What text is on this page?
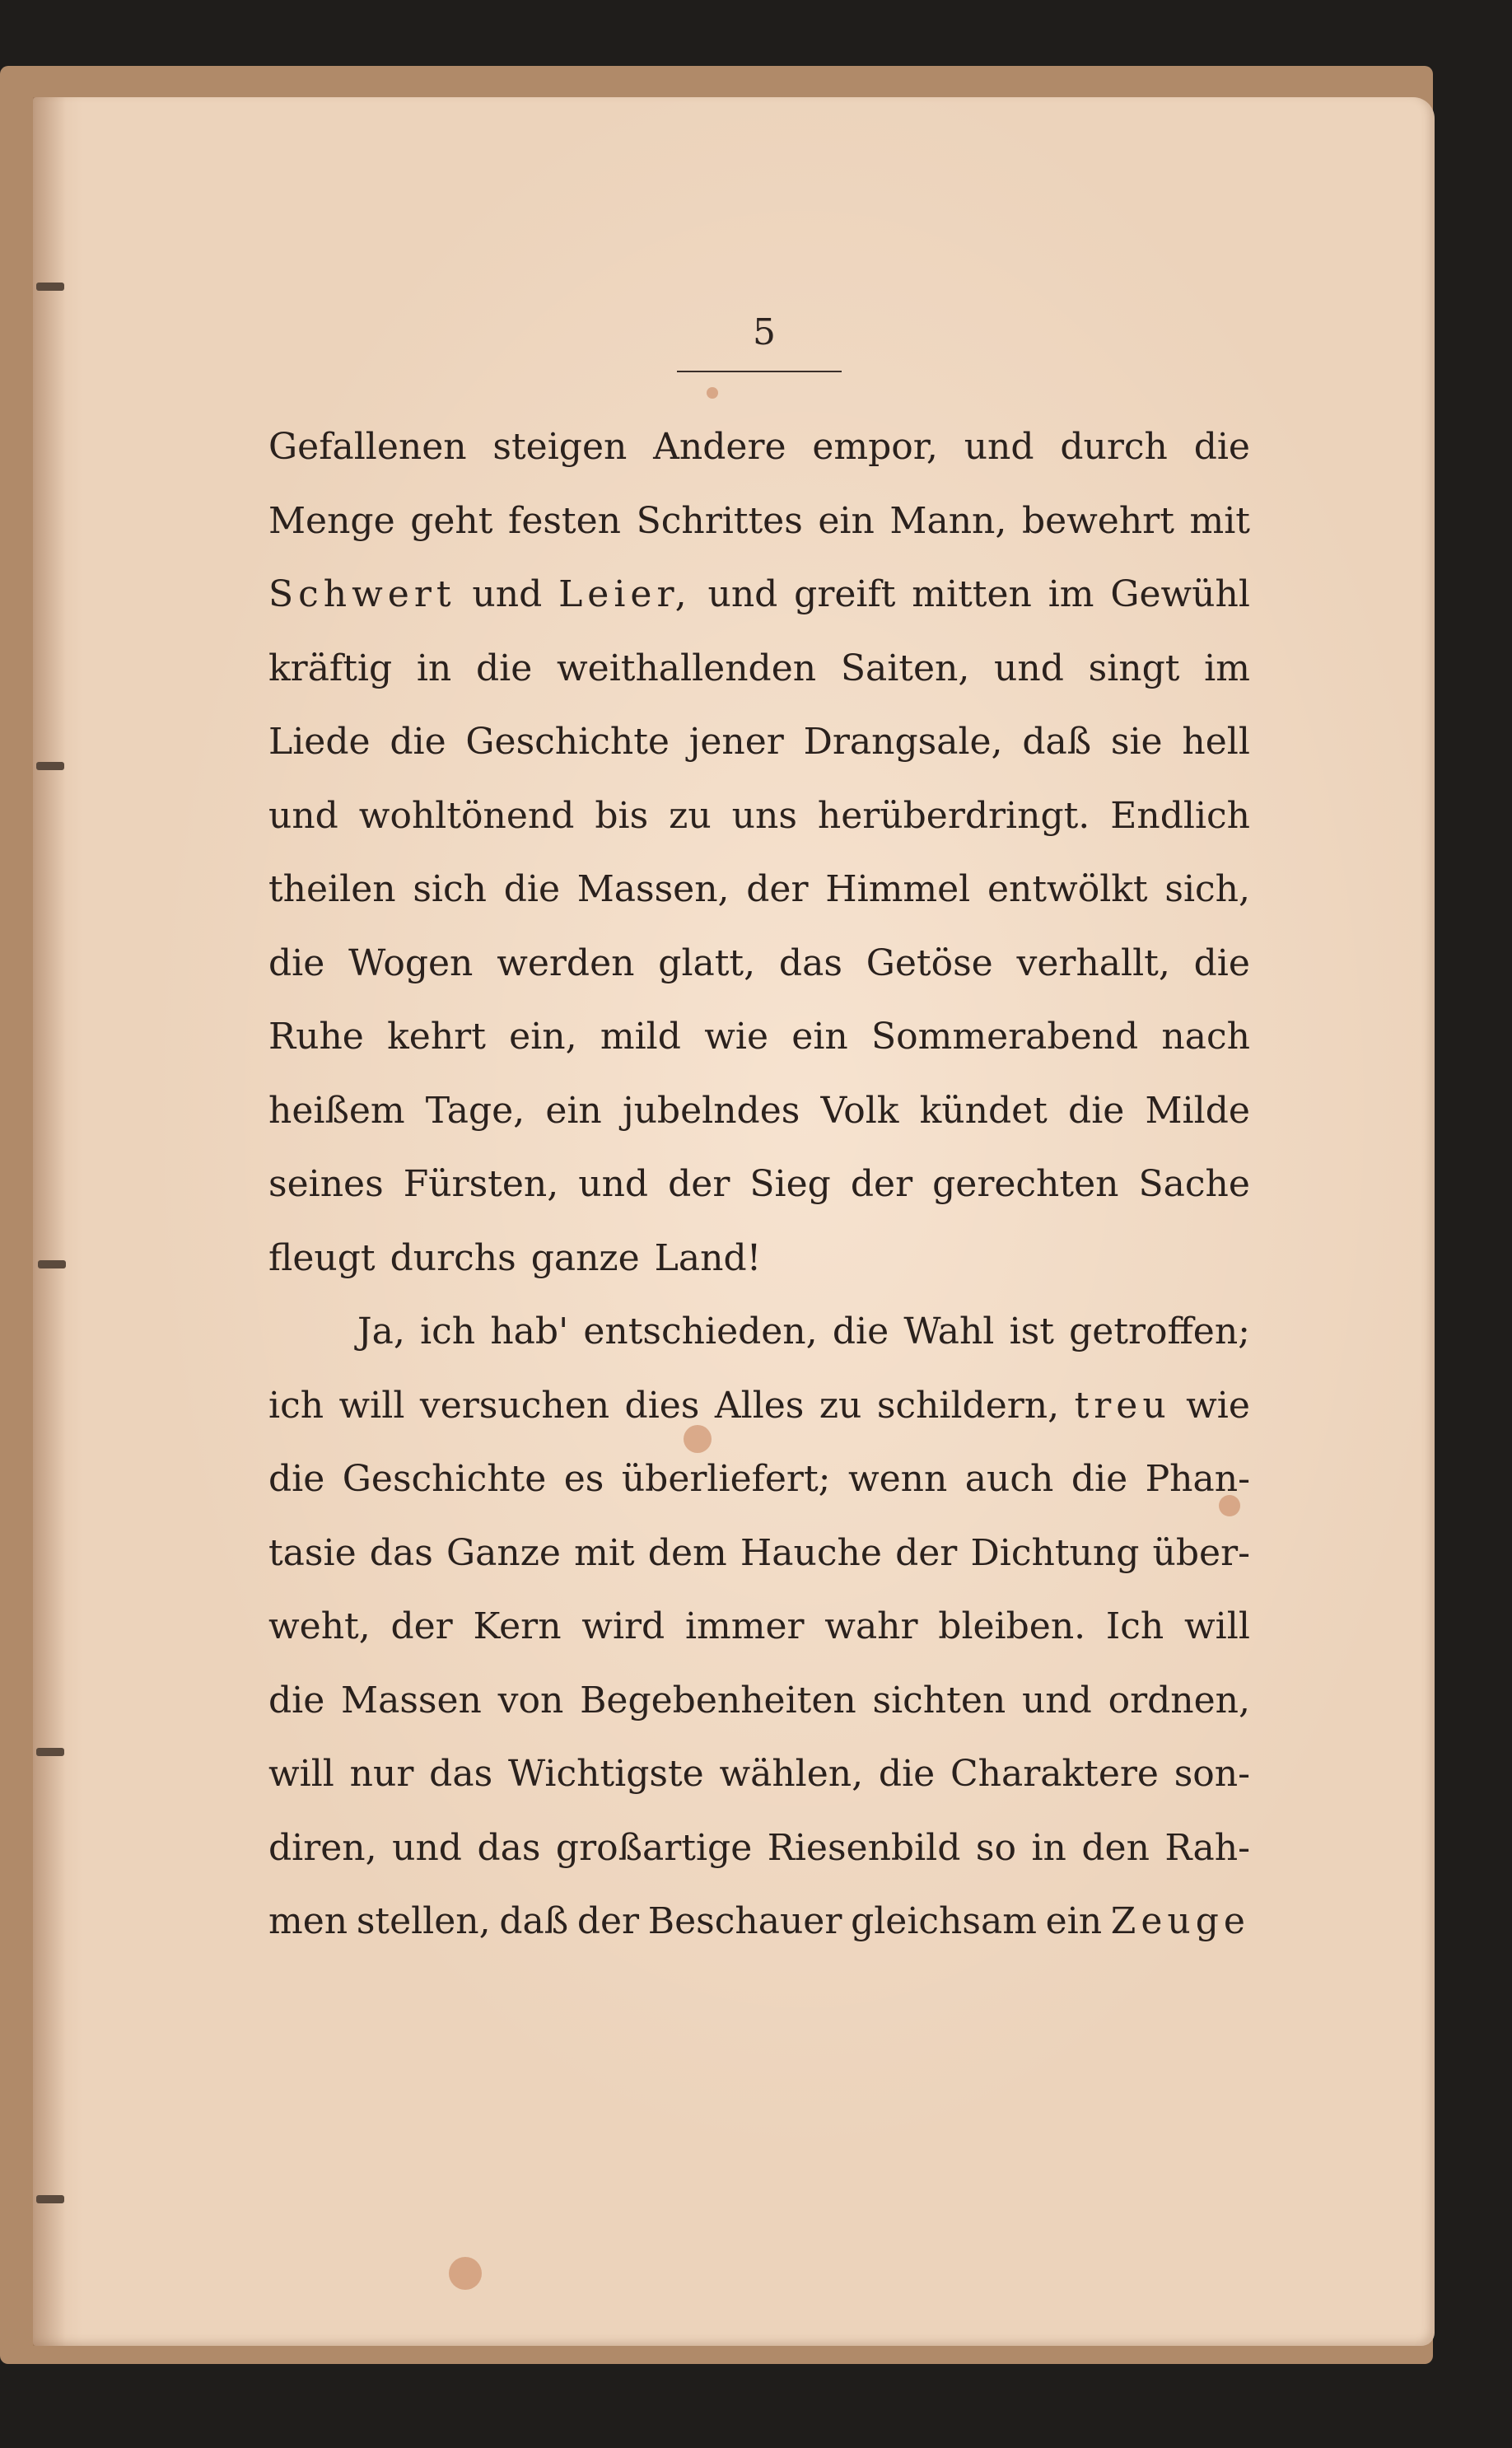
5
Gefallenen steigen Andere empor, und durch die
Menge geht festen Schrittes ein Mann, bewehrt mit
Schwert und Leier, und greift mitten im Gewühl
kräftig in die weithallenden Saiten, und singt im
Liede die Geschichte jener Drangsale, daß sie hell
und wohltönend bis zu uns herüberdringt. Endlich
theilen sich die Massen, der Himmel entwölkt sich,
die Wogen werden glatt, das Getöse verhallt, die
Ruhe kehrt ein, mild wie ein Sommerabend nach
heißem Tage, ein jubelndes Volk kündet die Milde
seines Fürsten, und der Sieg der gerechten Sache
fleugt durchs ganze Land!
Ja, ich hab' entschieden, die Wahl ist getroffen;
ich will versuchen dies Alles zu schildern, treu wie
die Geschichte es überliefert; wenn auch die Phan-
tasie das Ganze mit dem Hauche der Dichtung über-
weht, der Kern wird immer wahr bleiben. Ich will
die Massen von Begebenheiten sichten und ordnen,
will nur das Wichtigste wählen, die Charaktere son-
diren, und das großartige Riesenbild so in den Rah-
men stellen, daß der Beschauer gleichsam ein Zeuge
